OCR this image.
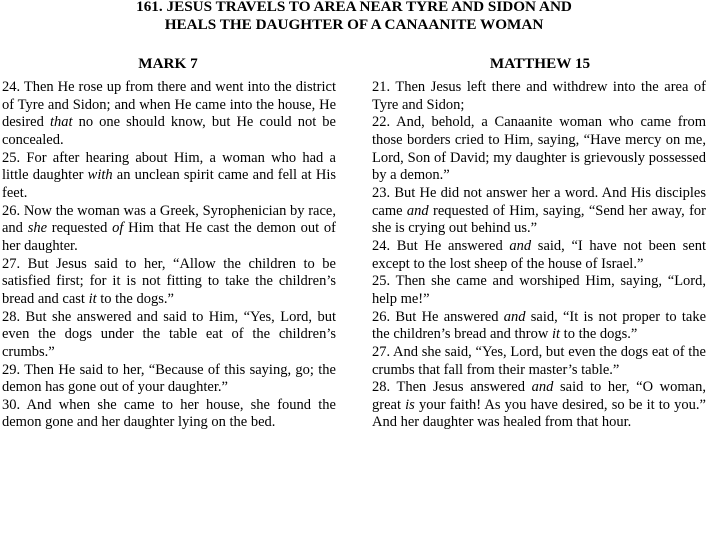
161. JESUS TRAVELS TO AREA NEAR TYRE AND SIDON AND
HEALS THE DAUGHTER OF A CANAANITE WOMAN
MARK 7	MATTHEW 15

24. Then He rose up from there and went into the district of Tyre and Sidon; and when He came into the house, He desired that no one should know, but He could not be concealed.

25. For after hearing about Him, a woman who had a little daughter with an unclean spirit came and fell at His feet.

26. Now the woman was a Greek, Syrophenician by race, and she requested of Him that He cast the demon out of her daughter.

27. But Jesus said to her, “Allow the children to be satisfied first; for it is not fitting to take the children’s bread and cast it to the dogs.”

28. But she answered and said to Him, “Yes, Lord, but even the dogs under the table eat of the children’s crumbs.”

29. Then He said to her, “Because of this saying, go; the demon has gone out of your daughter.”

30. And when she came to her house, she found the demon gone and her daughter lying on the bed.

21. Then Jesus left there and withdrew into the area of Tyre and Sidon;

22. And, behold, a Canaanite woman who came from those borders cried to Him, saying, “Have mercy on me, Lord, Son of David; my daughter is grievously possessed by a demon.”

23. But He did not answer her a word. And His disciples came and requested of Him, saying, “Send her away, for she is crying out behind us.”

24. But He answered and said, “I have not been sent except to the lost sheep of the house of Israel.”

25. Then she came and worshiped Him, saying, “Lord, help me!”

26. But He answered and said, “It is not proper to take the children’s bread and throw it to the dogs.”

27. And she said, “Yes, Lord, but even the dogs eat of the crumbs that fall from their master’s table.”

28. Then Jesus answered and said to her, “O woman, great is your faith! As you have desired, so be it to you.” And her daughter was healed from that hour.
